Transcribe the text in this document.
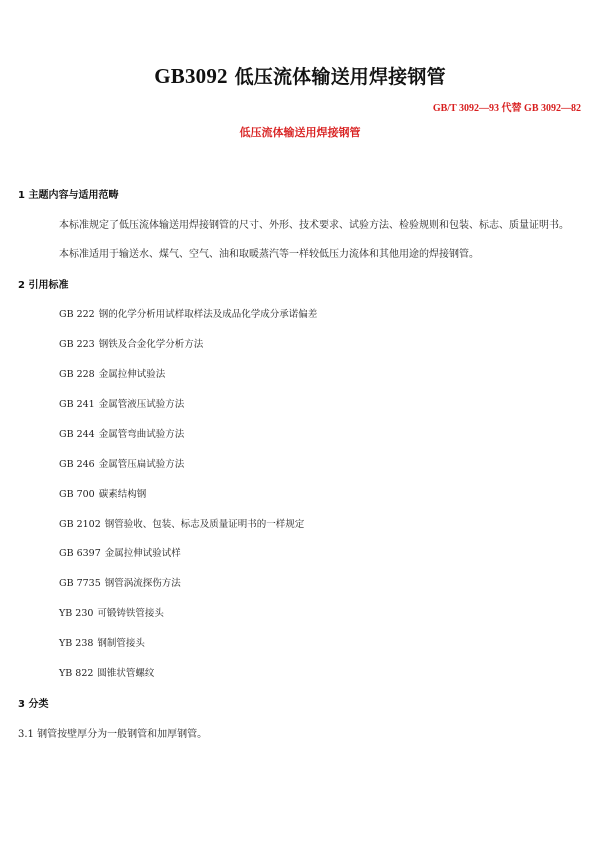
GB3092 低压流体输送用焊接钢管
GB/T 3092—93 代替 GB 3092—82
低压流体输送用焊接钢管
1 主题内容与适用范畴
本标准规定了低压流体输送用焊接钢管的尺寸、外形、技术要求、试验方法、检验规则和包装、标志、质量证明书。
本标准适用于输送水、煤气、空气、油和取暖蒸汽等一样较低压力流体和其他用途的焊接钢管。
2 引用标准
GB 222 钢的化学分析用试样取样法及成品化学成分承诺偏差
GB 223 钢铁及合金化学分析方法
GB 228 金属拉伸试验法
GB 241 金属管液压试验方法
GB 244 金属管弯曲试验方法
GB 246 金属管压扁试验方法
GB 700 碳素结构钢
GB 2102 钢管验收、包装、标志及质量证明书的一样规定
GB 6397 金属拉伸试验试样
GB 7735 钢管涡流探伤方法
YB 230 可锻铸铁管接头
YB 238 钢制管接头
YB 822 圆锥状管螺纹
3 分类
3.1 钢管按壁厚分为一般钢管和加厚钢管。
